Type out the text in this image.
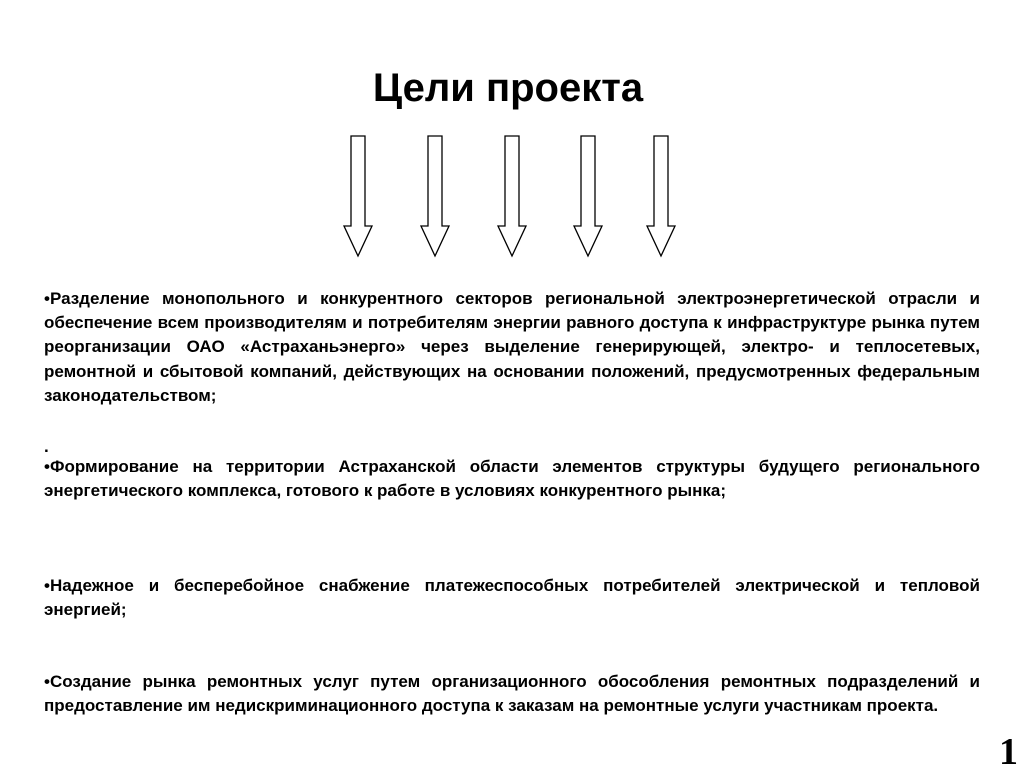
Цели проекта

•Разделение монопольного и конкурентного секторов региональной электроэнергетической отрасли и обеспечение всем производителям и потребителям энергии равного доступа к инфраструктуре рынка путем реорганизации ОАО «Астраханьэнерго» через выделение генерирующей, электро- и теплосетевых, ремонтной и сбытовой компаний, действующих на основании положений, предусмотренных федеральным законодательством;

.

•Формирование на территории Астраханской области элементов структуры будущего регионального энергетического комплекса, готового к работе в условиях конкурентного рынка;

•Надежное и бесперебойное снабжение платежеспособных потребителей электрической и тепловой энергией;

•Создание рынка ремонтных услуг путем организационного обособления ремонтных подразделений и предоставление им недискриминационного доступа к заказам на ремонтные услуги участникам проекта.

1
